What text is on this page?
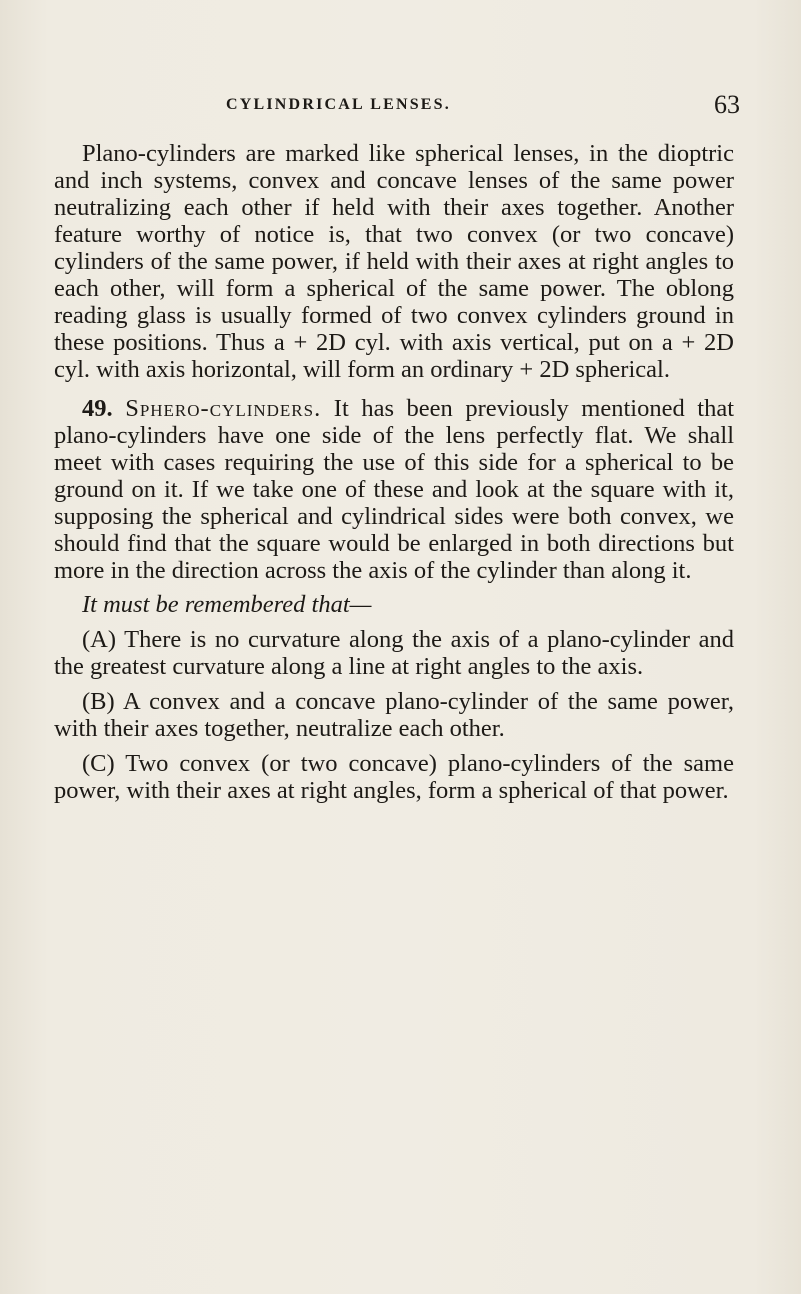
CYLINDRICAL LENSES.	63

Plano-cylinders are marked like spherical lenses, in the dioptric and inch systems, convex and concave lenses of the same power neutralizing each other if held with their axes together. Another feature worthy of notice is, that two convex (or two concave) cylinders of the same power, if held with their axes at right angles to each other, will form a spherical of the same power. The oblong reading glass is usually formed of two convex cylinders ground in these positions. Thus a + 2D cyl. with axis vertical, put on a + 2D cyl. with axis horizontal, will form an ordinary + 2D spherical.

49. Sphero-cylinders. It has been previously mentioned that plano-cylinders have one side of the lens perfectly flat. We shall meet with cases requiring the use of this side for a spherical to be ground on it. If we take one of these and look at the square with it, supposing the spherical and cylindrical sides were both convex, we should find that the square would be enlarged in both directions but more in the direction across the axis of the cylinder than along it.

It must be remembered that—

(A) There is no curvature along the axis of a plano-cylinder and the greatest curvature along a line at right angles to the axis.

(B) A convex and a concave plano-cylinder of the same power, with their axes together, neutralize each other.

(C) Two convex (or two concave) plano-cylinders of the same power, with their axes at right angles, form a spherical of that power.
